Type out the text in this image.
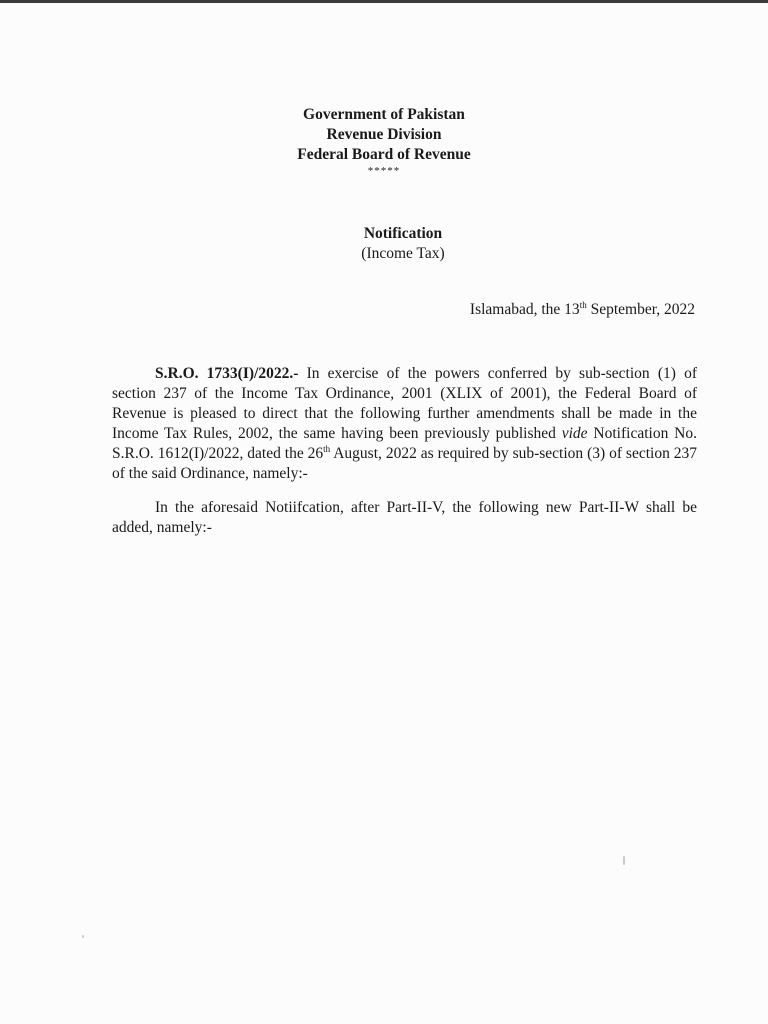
Government of Pakistan
Revenue Division
Federal Board of Revenue
*****
Notification
(Income Tax)
Islamabad, the 13th September, 2022
S.R.O. 1733(I)/2022.- In exercise of the powers conferred by sub-section (1) of section 237 of the Income Tax Ordinance, 2001 (XLIX of 2001), the Federal Board of Revenue is pleased to direct that the following further amendments shall be made in the Income Tax Rules, 2002, the same having been previously published vide Notification No. S.R.O. 1612(I)/2022, dated the 26th August, 2022 as required by sub-section (3) of section 237 of the said Ordinance, namely:-
In the aforesaid Notiifcation, after Part-II-V, the following new Part-II-W shall be added, namely:-
